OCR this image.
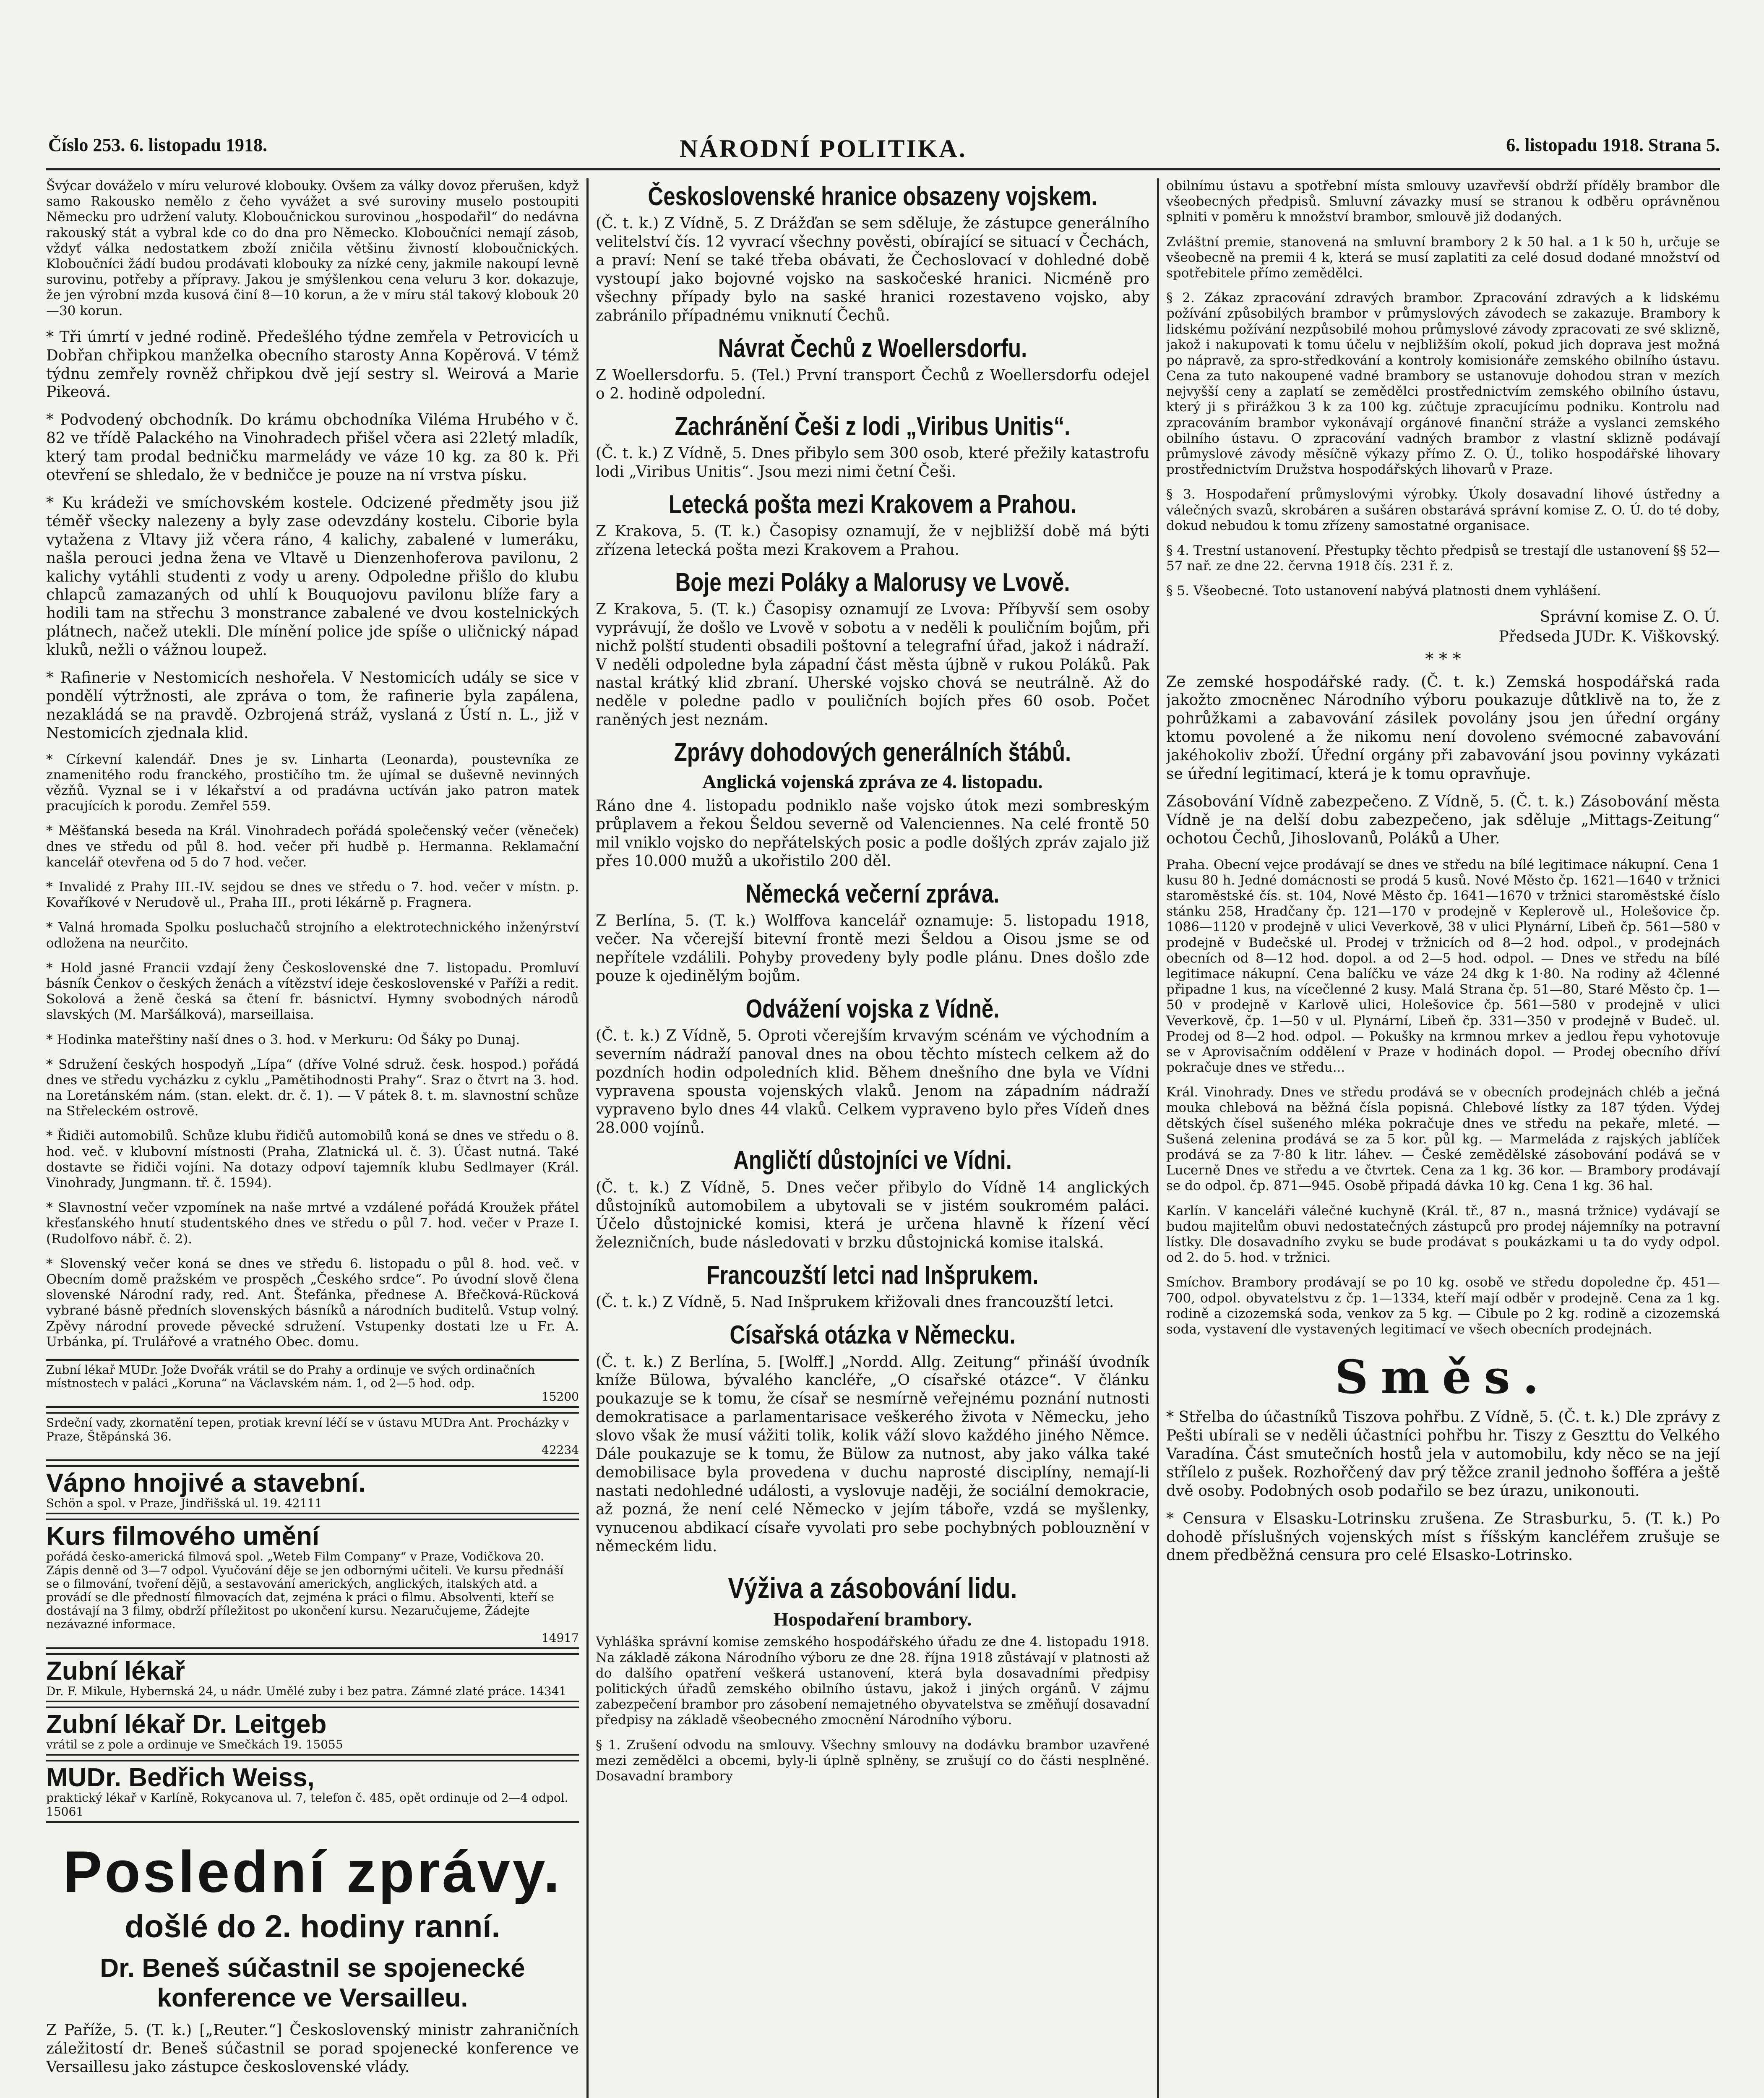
Číslo 253. 6. listopadu 1918.	NÁRODNÍ POLITIKA.	6. listopadu 1918. Strana 5.
Švýcar dováželo v míru velurové klobouky. Ovšem za války dovoz přerušen, když samo Rakousko nemělo z čeho vyvážet a své suroviny muselo postoupiti Německu pro udržení valuty. Kloboučnickou surovinou „hospodařil“ do nedávna rakouský stát a vybral kde co do dna pro Německo. Kloboučníci nemají zásob, vždyť válka nedostatkem zboží zničila většinu živností kloboučnických. Kloboučníci žádí budou prodávati klobouky za nízké ceny, jakmile nakoupí levně surovinu, potřeby a přípravy. Jakou je smýšlenkou cena veluru 3 kor. dokazuje, že jen výrobní mzda kusová činí 8—10 korun, a že v míru stál takový klobouk 20—30 korun.
* Tři úmrtí v jedné rodině. Předešlého týdne zemřela v Petrovicích u Dobřan chřipkou manželka obecního starosty Anna Kopěrová. V témž týdnu zemřely rovněž chřipkou dvě její sestry sl. Weirová a Marie Pikeová.
* Podvodený obchodník. Do krámu obchodníka Viléma Hrubého v č. 82 ve třídě Palackého na Vinohradech přišel včera asi 22letý mladík, který tam prodal bedničku marmelády ve váze 10 kg. za 80 k. Při otevření se shledalo, že v bedničce je pouze na ní vrstva písku.
* Ku krádeži ve smíchovském kostele. Odcizené předměty jsou již téměř všecky nalezeny a byly zase odevzdány kostelu. Ciborie byla vytažena z Vltavy již včera ráno, 4 kalichy, zabalené v lumeráku, našla perouci jedna žena ve Vltavě u Dienzenhoferova pavilonu, 2 kalichy vytáhli studenti z vody u areny. Odpoledne přišlo do klubu chlapců zamazaných od uhlí k Bouquojovu pavilonu blíže fary a hodili tam na střechu 3 monstrance zabalené ve dvou kostelnických plátnech, načež utekli. Dle mínění police jde spíše o uličnický nápad kluků, nežli o vážnou loupež.
* Rafinerie v Nestomicích neshořela. V Nestomicích udály se sice v pondělí výtržnosti, ale zpráva o tom, že rafinerie byla zapálena, nezakládá se na pravdě. Ozbrojená stráž, vyslaná z Ústí n. L., již v Nestomicích zjednala klid.
* Církevní kalendář. Dnes je sv. Linharta (Leonarda), poustevníka ze znamenitého rodu franckého, prostičího tm. že ujímal se duševně nevinných vězňů. Vyznal se i v lékařství a od pradávna uctíván jako patron matek pracujících k porodu. Zemřel 559.
* Měšťanská beseda na Král. Vinohradech pořádá společenský večer (věneček) dnes ve středu od půl 8. hod. večer při hudbě p. Hermanna. Reklamační kancelář otevřena od 5 do 7 hod. večer.
* Invalidé z Prahy III.-IV. sejdou se dnes ve středu o 7. hod. večer v místn. p. Kovaříkové v Nerudově ul., Praha III., proti lékárně p. Fragnera.
* Valná hromada Spolku posluchačů strojního a elektrotechnického inženýrství odložena na neurčito.
* Hold jasné Francii vzdají ženy Československé dne 7. listopadu. Promluví básník Čenkov o českých ženách a vítězství ideje československé v Paříži a redit. Sokolová a ženě česká sa čtení fr. básnictví. Hymny svobodných národů slavských (M. Maršálková), marseillaisa.
* Hodinka mateřštiny naší dnes o 3. hod. v Merkuru: Od Šáky po Dunaj.
* Sdružení českých hospodyň „Lípa“ (dříve Volné sdruž. česk. hospod.) pořádá dnes ve středu vycházku z cyklu „Pamětihodnosti Prahy“. Sraz o čtvrt na 3. hod. na Loretánském nám. (stan. elekt. dr. č. 1). — V pátek 8. t. m. slavnostní schůze na Střeleckém ostrově.
* Řidiči automobilů. Schůze klubu řidičů automobilů koná se dnes ve středu o 8. hod. več. v klubovní místnosti (Praha, Zlatnická ul. č. 3). Účast nutná. Také dostavte se řidiči vojíni. Na dotazy odpoví tajemník klubu Sedlmayer (Král. Vinohrady, Jungmann. tř. č. 1594).
* Slavnostní večer vzpomínek na naše mrtvé a vzdálené pořádá Kroužek přátel křesťanského hnutí studentského dnes ve středu o půl 7. hod. večer v Praze I. (Rudolfovo nábř. č. 2).
* Slovenský večer koná se dnes ve středu 6. listopadu o půl 8. hod. več. v Obecním domě pražském ve prospěch „Českého srdce“. Po úvodní slově člena slovenské Národní rady, red. Ant. Štefánka, přednese A. Břečková-Rücková vybrané básně předních slovenských básníků a národních buditelů. Vstup volný. Zpěvy národní provede pěvecké sdružení. Vstupenky dostati lze u Fr. A. Urbánka, pí. Trulářové a vratného Obec. domu.
Zubní lékař MUDr. Jože Dvořák vrátil se do Prahy a ordinuje ve svých ordinačních místnostech v paláci „Koruna“ na Václavském nám. 1, od 2—5 hod. odp.
15200
Srdeční vady, zkornatění tepen, protiak krevní léčí se v ústavu MUDra Ant. Procházky v Praze, Štěpánská 36.
42234
Vápno hnojivé a stavební.
Schön a spol. v Praze, Jindřišská ul. 19. 42111
Kurs filmového umění
pořádá česko-americká filmová spol. „Weteb Film Company“ v Praze, Vodičkova 20. Zápis denně od 3—7 odpol. Vyučování děje se jen odbornými učiteli. Ve kursu přednáší se o filmování, tvoření dějů, a sestavování amerických, anglických, italských atd. a provádí se dle předností filmovacích dat, zejména k práci o filmu. Absolventi, kteří se dostávají na 3 filmy, obdrží příležitost po ukončení kursu. Nezaručujeme, Žádejte nezávazné informace.
14917
Zubní lékař
Dr. F. Mikule, Hybernská 24, u nádr. Umělé zuby i bez patra. Zámné zlaté práce. 14341
Zubní lékař Dr. Leitgeb
vrátil se z pole a ordinuje ve Smečkách 19. 15055
MUDr. Bedřich Weiss,
praktický lékař v Karlíně, Rokycanova ul. 7, telefon č. 485, opět ordinuje od 2—4 odpol. 15061
Poslední zprávy.
došlé do 2. hodiny ranní.
Dr. Beneš súčastnil se spojenecké konference ve Versailleu.
Z Paříže, 5. (T. k.) [„Reuter.“] Československý ministr zahraničních záležitostí dr. Beneš súčastnil se porad spojenecké konference ve Versaillesu jako zástupce československé vlády.
Československé hranice obsazeny vojskem.
(Č. t. k.) Z Vídně, 5. Z Drážďan se sem sděluje, že zástupce generálního velitelství čís. 12 vyvrací všechny pověsti, obírající se situací v Čechách, a praví: Není se také třeba obávati, že Čechoslovací v dohledné době vystoupí jako bojovné vojsko na saskočeské hranici. Nicméně pro všechny případy bylo na saské hranici rozestaveno vojsko, aby zabránilo případnému vniknutí Čechů.
Návrat Čechů z Woellersdorfu.
Z Woellersdorfu. 5. (Tel.) První transport Čechů z Woellersdorfu odejel o 2. hodině odpolední.
Zachránění Češi z lodi „Viribus Unitis“.
(Č. t. k.) Z Vídně, 5. Dnes přibylo sem 300 osob, které přežily katastrofu lodi „Viribus Unitis“. Jsou mezi nimi četní Češi.
Letecká pošta mezi Krakovem a Prahou.
Z Krakova, 5. (T. k.) Časopisy oznamují, že v nejbližší době má býti zřízena letecká pošta mezi Krakovem a Prahou.
Boje mezi Poláky a Malorusy ve Lvově.
Z Krakova, 5. (T. k.) Časopisy oznamují ze Lvova: Příbyvší sem osoby vyprávují, že došlo ve Lvově v sobotu a v neděli k pouličním bojům, při nichž polští studenti obsadili poštovní a telegrafní úřad, jakož i nádraží. V neděli odpoledne byla západní část města újbně v rukou Poláků. Pak nastal krátký klid zbraní. Uherské vojsko chová se neutrálně. Až do neděle v poledne padlo v pouličních bojích přes 60 osob. Počet raněných jest neznám.
Zprávy dohodových generálních štábů.
Anglická vojenská zpráva ze 4. listopadu.
Ráno dne 4. listopadu podniklo naše vojsko útok mezi sombreským průplavem a řekou Šeldou severně od Valenciennes. Na celé frontě 50 mil vniklo vojsko do nepřátelských posic a podle došlých zpráv zajalo již přes 10.000 mužů a ukořistilo 200 děl.
Německá večerní zpráva.
Z Berlína, 5. (T. k.) Wolffova kancelář oznamuje: 5. listopadu 1918, večer. Na včerejší bitevní frontě mezi Šeldou a Oisou jsme se od nepřítele vzdálili. Pohyby provedeny byly podle plánu. Dnes došlo zde pouze k ojedinělým bojům.
Odvážení vojska z Vídně.
(Č. t. k.) Z Vídně, 5. Oproti včerejším krvavým scénám ve východním a severním nádraží panoval dnes na obou těchto místech celkem až do pozdních hodin odpoledních klid. Během dnešního dne byla ve Vídni vypravena spousta vojenských vlaků. Jenom na západním nádraží vypraveno bylo dnes 44 vlaků. Celkem vypraveno bylo přes Vídeň dnes 28.000 vojínů.
Angličtí důstojníci ve Vídni.
(Č. t. k.) Z Vídně, 5. Dnes večer přibylo do Vídně 14 anglických důstojníků automobilem a ubytovali se v jistém soukromém paláci. Účelo důstojnické komisi, která je určena hlavně k řízení věcí železničních, bude následovati v brzku důstojnická komise italská.
Francouzští letci nad Inšprukem.
(Č. t. k.) Z Vídně, 5. Nad Inšprukem křižovali dnes francouzští letci.
Císařská otázka v Německu.
(Č. t. k.) Z Berlína, 5. [Wolff.] „Nordd. Allg. Zeitung“ přináší úvodník kníže Bülowa, bývalého kancléře, „O císařské otázce“. V článku poukazuje se k tomu, že císař se nesmírně veřejnému poznání nutnosti demokratisace a parlamentarisace veškerého života v Německu, jeho slovo však že musí vážiti tolik, kolik váží slovo každého jiného Němce. Dále poukazuje se k tomu, že Bülow za nutnost, aby jako válka také demobilisace byla provedena v duchu naprosté disciplíny, nemají-li nastati nedohledné události, a vyslovuje naději, že sociální demokracie, až pozná, že není celé Německo v jejím táboře, vzdá se myšlenky, vynucenou abdikací císaře vyvolati pro sebe pochybných poblouznění v německém lidu.
Výživa a zásobování lidu.
Hospodaření brambory.
Vyhláška správní komise zemského hospodářského úřadu ze dne 4. listopadu 1918. Na základě zákona Národního výboru ze dne 28. října 1918 zůstávají v platnosti až do dalšího opatření veškerá ustanovení, která byla dosavadními předpisy politických úřadů zemského obilního ústavu, jakož i jiných orgánů. V zájmu zabezpečení brambor pro zásobení nemajetného obyvatelstva se změňují dosavadní předpisy na základě všeobecného zmocnění Národního výboru.
§ 1. Zrušení odvodu na smlouvy. Všechny smlouvy na dodávku brambor uzavřené mezi zemědělci a obcemi, byly-li úplně splněny, se zrušují co do části nesplněné. Dosavadní brambory
obilnímu ústavu a spotřební místa smlouvy uzavřevší obdrží příděly brambor dle všeobecných předpisů. Smluvní závazky musí se stranou k odběru oprávněnou splniti v poměru k množství brambor, smlouvě již dodaných.
Zvláštní premie, stanovená na smluvní brambory 2 k 50 hal. a 1 k 50 h, určuje se všeobecně na premii 4 k, která se musí zaplatiti za celé dosud dodané množství od spotřebitele přímo zemědělci.
§ 2. Zákaz zpracování zdravých brambor. Zpracování zdravých a k lidskému požívání způsobilých brambor v průmyslových závodech se zakazuje. Brambory k lidskému požívání nezpůsobilé mohou průmyslové závody zpracovati ze své sklizně, jakož i nakupovati k tomu účelu v nejbližším okolí, pokud jich doprava jest možná po nápravě, za spro-středkování a kontroly komisionáře zemského obilního ústavu. Cena za tuto nakoupené vadné brambory se ustanovuje dohodou stran v mezích nejvyšší ceny a zaplatí se zemědělci prostřednictvím zemského obilního ústavu, který ji s přirážkou 3 k za 100 kg. zúčtuje zpracujícímu podniku. Kontrolu nad zpracováním brambor vykonávají orgánové finanční stráže a vyslanci zemského obilního ústavu. O zpracování vadných brambor z vlastní sklizně podávají průmyslové závody měsíčně výkazy přímo Z. O. Ú., toliko hospodářské lihovary prostřednictvím Družstva hospodářských lihovarů v Praze.
§ 3. Hospodaření průmyslovými výrobky. Úkoly dosavadní lihové ústředny a válečných svazů, skrobáren a sušáren obstarává správní komise Z. O. Ú. do té doby, dokud nebudou k tomu zřízeny samostatné organisace.
§ 4. Trestní ustanovení. Přestupky těchto předpisů se trestají dle ustanovení §§ 52—57 nař. ze dne 22. června 1918 čís. 231 ř. z.
§ 5. Všeobecné. Toto ustanovení nabývá platnosti dnem vyhlášení.
Správní komise Z. O. Ú.
Předseda JUDr. K. Viškovský.
* * *
Ze zemské hospodářské rady. (Č. t. k.) Zemská hospodářská rada jakožto zmocněnec Národního výboru poukazuje důtklivě na to, že z pohrůžkami a zabavování zásilek povolány jsou jen úřední orgány ktomu povolené a že nikomu není dovoleno svémocné zabavování jakéhokoliv zboží. Úřední orgány při zabavování jsou povinny vykázati se úřední legitimací, která je k tomu opravňuje.
Zásobování Vídně zabezpečeno. Z Vídně, 5. (Č. t. k.) Zásobování města Vídně je na delší dobu zabezpečeno, jak sděluje „Mittags-Zeitung“ ochotou Čechů, Jihoslovanů, Poláků a Uher.
Praha. Obecní vejce prodávají se dnes ve středu na bílé legitimace nákupní. Cena 1 kusu 80 h. Jedné domácnosti se prodá 5 kusů. Nové Město čp. 1621—1640 v tržnici staroměstské čís. st. 104, Nové Město čp. 1641—1670 v tržnici staroměstské číslo stánku 258, Hradčany čp. 121—170 v prodejně v Keplerově ul., Holešovice čp. 1086—1120 v prodejně v ulici Veverkově, 38 v ulici Plynární, Libeň čp. 561—580 v prodejně v Budečské ul. Prodej v tržnicích od 8—2 hod. odpol., v prodejnách obecních od 8—12 hod. dopol. a od 2—5 hod. odpol. — Dnes ve středu na bílé legitimace nákupní. Cena balíčku ve váze 24 dkg k 1·80. Na rodiny až 4členné připadne 1 kus, na vícečlenné 2 kusy. Malá Strana čp. 51—80, Staré Město čp. 1—50 v prodejně v Karlově ulici, Holešovice čp. 561—580 v prodejně v ulici Veverkově, čp. 1—50 v ul. Plynární, Libeň čp. 331—350 v prodejně v Budeč. ul. Prodej od 8—2 hod. odpol. — Pokušky na krmnou mrkev a jedlou řepu vyhotovuje se v Aprovisačním oddělení v Praze v hodinách dopol. — Prodej obecního dříví pokračuje dnes ve středu...
Král. Vinohrady. Dnes ve středu prodává se v obecních prodejnách chléb a ječná mouka chlebová na běžná čísla popisná. Chlebové lístky za 187 týden. Výdej dětských čísel sušeného mléka pokračuje dnes ve středu na pekaře, mleté. — Sušená zelenina prodává se za 5 kor. půl kg. — Marmeláda z rajských jablíček prodává se za 7·80 k litr. láhev. — České zemědělské zásobování podává se v Lucerně Dnes ve středu a ve čtvrtek. Cena za 1 kg. 36 kor. — Brambory prodávají se do odpol. čp. 871—945. Osobě připadá dávka 10 kg. Cena 1 kg. 36 hal.
Karlín. V kanceláři válečné kuchyně (Král. tř., 87 n., masná tržnice) vydávají se budou majitelům obuvi nedostatečných zástupců pro prodej nájemníky na potravní lístky. Dle dosavadního zvyku se bude prodávat s poukázkami u ta do vydy odpol. od 2. do 5. hod. v tržnici.
Smíchov. Brambory prodávají se po 10 kg. osobě ve středu dopoledne čp. 451—700, odpol. obyvatelstvu z čp. 1—1334, kteří mají odběr v prodejně. Cena za 1 kg. rodině a cizozemská soda, venkov za 5 kg. — Cibule po 2 kg. rodině a cizozemská soda, vystavení dle vystavených legitimací ve všech obecních prodejnách.
Směs.
* Střelba do účastníků Tiszova pohřbu. Z Vídně, 5. (Č. t. k.) Dle zprávy z Pešti ubírali se v neděli účastníci pohřbu hr. Tiszy z Geszttu do Velkého Varadína. Část smutečních hostů jela v automobilu, kdy něco se na její střílelo z pušek. Rozhořčený dav prý těžce zranil jednoho šofféra a ještě dvě osoby. Podobných osob podařilo se bez úrazu, unikonouti.
* Censura v Elsasku-Lotrinsku zrušena. Ze Strasburku, 5. (T. k.) Po dohodě příslušných vojenských míst s říšským kancléřem zrušuje se dnem předběžná censura pro celé Elsasko-Lotrinsko.
